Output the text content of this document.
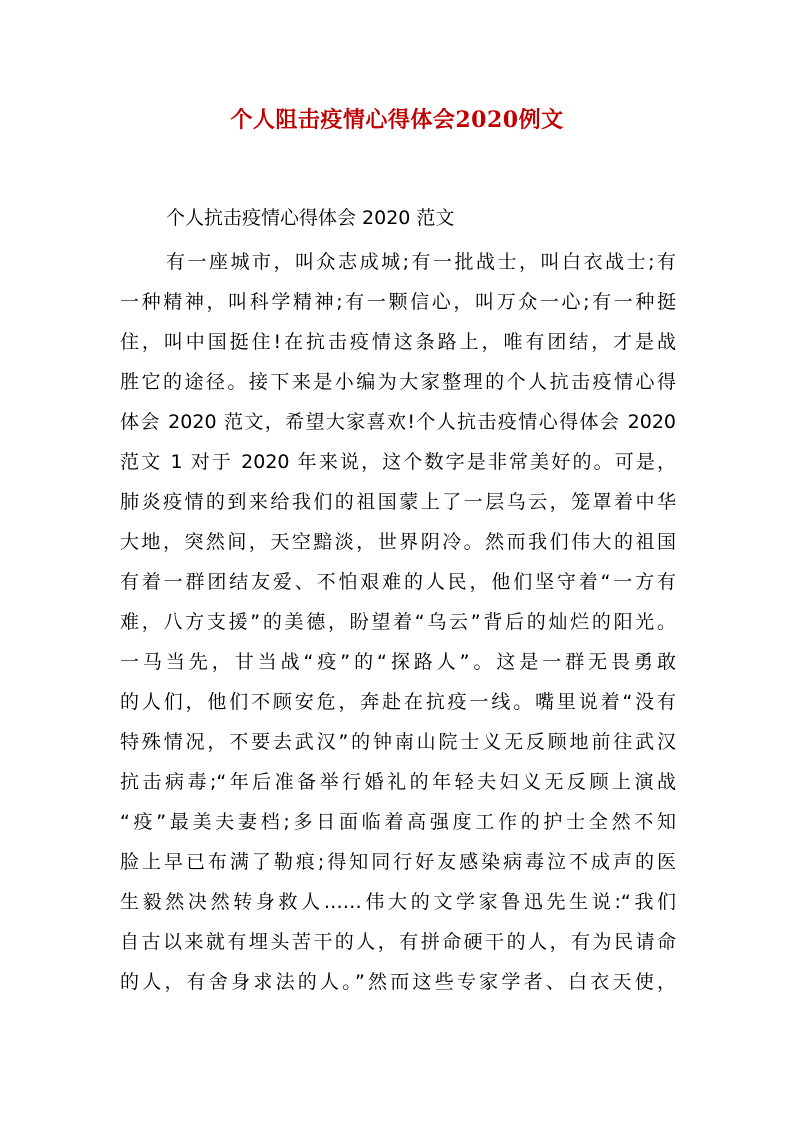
个人阻击疫情心得体会2020例文
个人抗击疫情心得体会 2020 范文
有一座城市，叫众志成城;有一批战士，叫白衣战士;有
一种精神，叫科学精神;有一颗信心，叫万众一心;有一种挺
住，叫中国挺住!在抗击疫情这条路上，唯有团结，才是战
胜它的途径。接下来是小编为大家整理的个人抗击疫情心得
体会 2020 范文，希望大家喜欢!个人抗击疫情心得体会 2020
范文 1 对于 2020 年来说，这个数字是非常美好的。可是，
肺炎疫情的到来给我们的祖国蒙上了一层乌云，笼罩着中华
大地，突然间，天空黯淡，世界阴冷。然而我们伟大的祖国
有着一群团结友爱、不怕艰难的人民，他们坚守着“一方有
难，八方支援”的美德，盼望着“乌云”背后的灿烂的阳光。
一马当先，甘当战“疫”的“探路人”。这是一群无畏勇敢
的人们，他们不顾安危，奔赴在抗疫一线。嘴里说着“没有
特殊情况，不要去武汉”的钟南山院士义无反顾地前往武汉
抗击病毒;“年后准备举行婚礼的年轻夫妇义无反顾上演战
“疫”最美夫妻档;多日面临着高强度工作的护士全然不知
脸上早已布满了勒痕;得知同行好友感染病毒泣不成声的医
生毅然决然转身救人……伟大的文学家鲁迅先生说:“我们
自古以来就有埋头苦干的人，有拼命硬干的人，有为民请命
的人，有舍身求法的人。”然而这些专家学者、白衣天使，
